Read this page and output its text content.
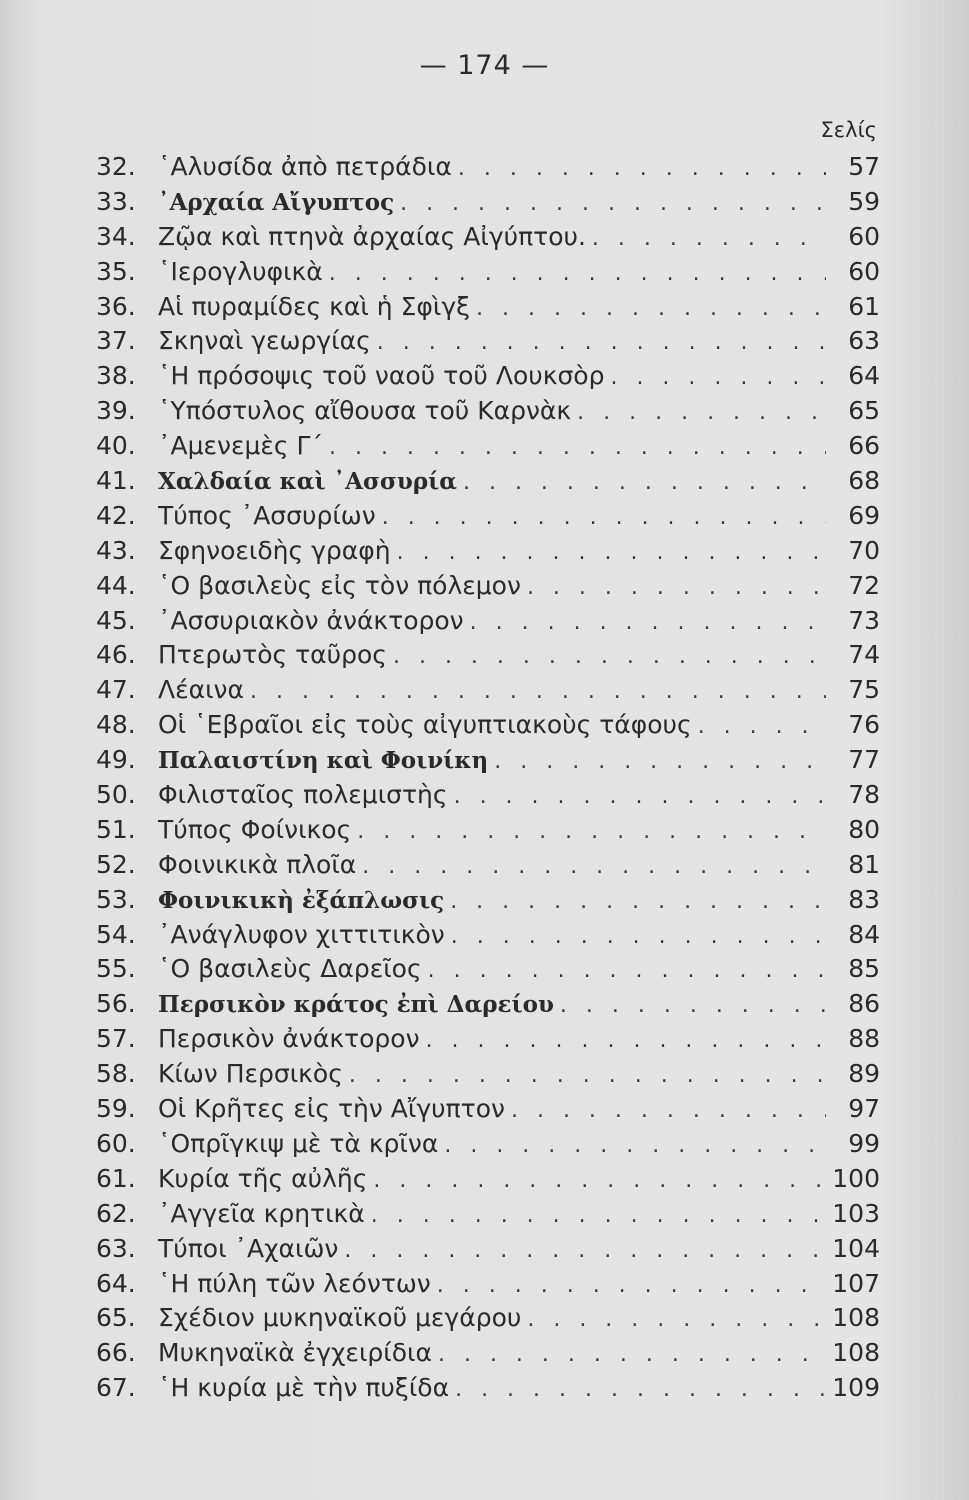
— 174 —
Σελίς
32. ῾Αλυσίδα ἀπὸ πετράδια . . .	57
33. ᾿Αρχαία Αἴγυπτος . . .	59
34. Ζῷα καὶ πτηνὰ ἀρχαίας Αἰγύπτου. . . .	60
35. ῾Ιερογλυφικὰ . . .	60
36. Αἱ πυραμίδες καὶ ἡ Σφὶγξ . . .	61
37. Σκηναὶ γεωργίας . . .	63
38. ῾Η πρόσοψις τοῦ ναοῦ τοῦ Λουκσὸρ . . .	64
39. ῾Υπόστυλος αἴθουσα τοῦ Καρνὰκ . . .	65
40. ᾿Αμενεμὲς Γ΄ . . .	66
41. Χαλδαία καὶ ᾿Ασσυρία . . .	68
42. Τύπος ᾿Ασσυρίων . . .	69
43. Σφηνοειδὴς γραφὴ . . .	70
44. ῾Ο βασιλεὺς εἰς τὸν πόλεμον . . .	72
45. ᾿Ασσυριακὸν ἀνάκτορον . . .	73
46. Πτερωτὸς ταῦρος . . .	74
47. Λέαινα . . .	75
48. Οἱ ῾Εβραῖοι εἰς τοὺς αἰγυπτιακοὺς τάφους . . .	76
49. Παλαιστίνη καὶ Φοινίκη . . .	77
50. Φιλισταῖος πολεμιστὴς . . .	78
51. Τύπος Φοίνικος . . .	80
52. Φοινικικὰ πλοῖα . . .	81
53. Φοινικικὴ ἐξάπλωσις . . .	83
54. ᾿Ανάγλυφον χιττιτικὸν . . .	84
55. ῾Ο βασιλεὺς Δαρεῖος . . .	85
56. Περσικὸν κράτος ἐπὶ Δαρείου . . .	86
57. Περσικὸν ἀνάκτορον . . .	88
58. Κίων Περσικὸς . . .	89
59. Οἱ Κρῆτες εἰς τὴν Αἴγυπτον . . .	97
60. ῾Οπρῖγκιψ μὲ τὰ κρῖνα . . .	99
61. Κυρία τῆς αὐλῆς . . .	100
62. ᾿Αγγεῖα κρητικὰ . . .	103
63. Τύποι ᾿Αχαιῶν . . .	104
64. ῾Η πύλη τῶν λεόντων . . .	107
65. Σχέδιον μυκηναϊκοῦ μεγάρου . . .	108
66. Μυκηναϊκὰ ἐγχειρίδια . . .	108
67. ῾Η κυρία μὲ τὴν πυξίδα . . .	109
